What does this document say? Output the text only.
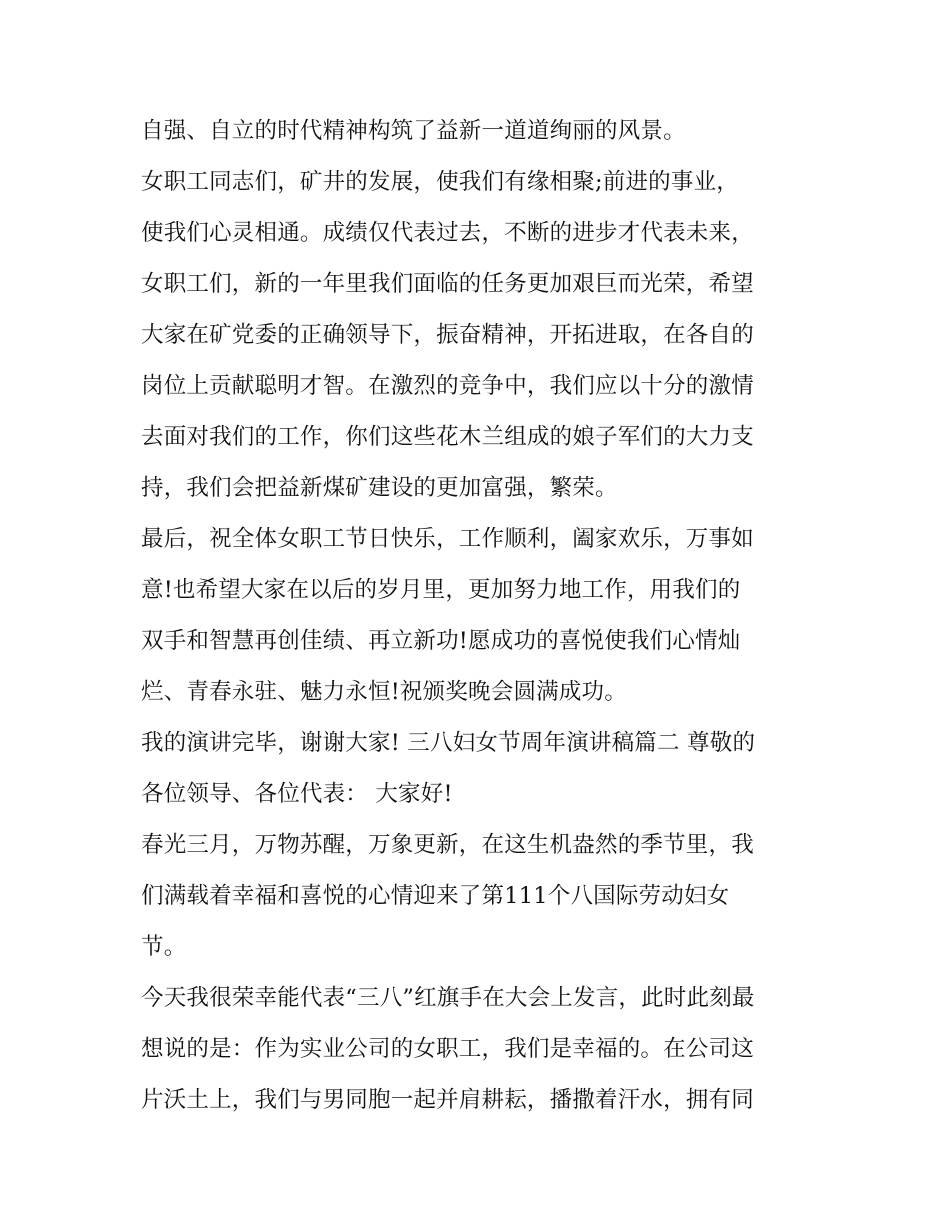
自强、自立的时代精神构筑了益新一道道绚丽的风景。
女职工同志们，矿井的发展，使我们有缘相聚;前进的事业，
使我们心灵相通。成绩仅代表过去，不断的进步才代表未来，
女职工们，新的一年里我们面临的任务更加艰巨而光荣，希望
大家在矿党委的正确领导下，振奋精神，开拓进取，在各自的
岗位上贡献聪明才智。在激烈的竞争中，我们应以十分的激情
去面对我们的工作，你们这些花木兰组成的娘子军们的大力支
持，我们会把益新煤矿建设的更加富强，繁荣。
最后，祝全体女职工节日快乐，工作顺利，阖家欢乐，万事如
意!也希望大家在以后的岁月里，更加努力地工作，用我们的
双手和智慧再创佳绩、再立新功!愿成功的喜悦使我们心情灿
烂、青春永驻、魅力永恒!祝颁奖晚会圆满成功。
我的演讲完毕，谢谢大家! 三八妇女节周年演讲稿篇二 尊敬的
各位领导、各位代表： 大家好!
春光三月，万物苏醒，万象更新，在这生机盎然的季节里，我
们满载着幸福和喜悦的心情迎来了第111个八国际劳动妇女
节。
今天我很荣幸能代表“三八”红旗手在大会上发言，此时此刻最
想说的是：作为实业公司的女职工，我们是幸福的。在公司这
片沃土上，我们与男同胞一起并肩耕耘，播撒着汗水，拥有同
